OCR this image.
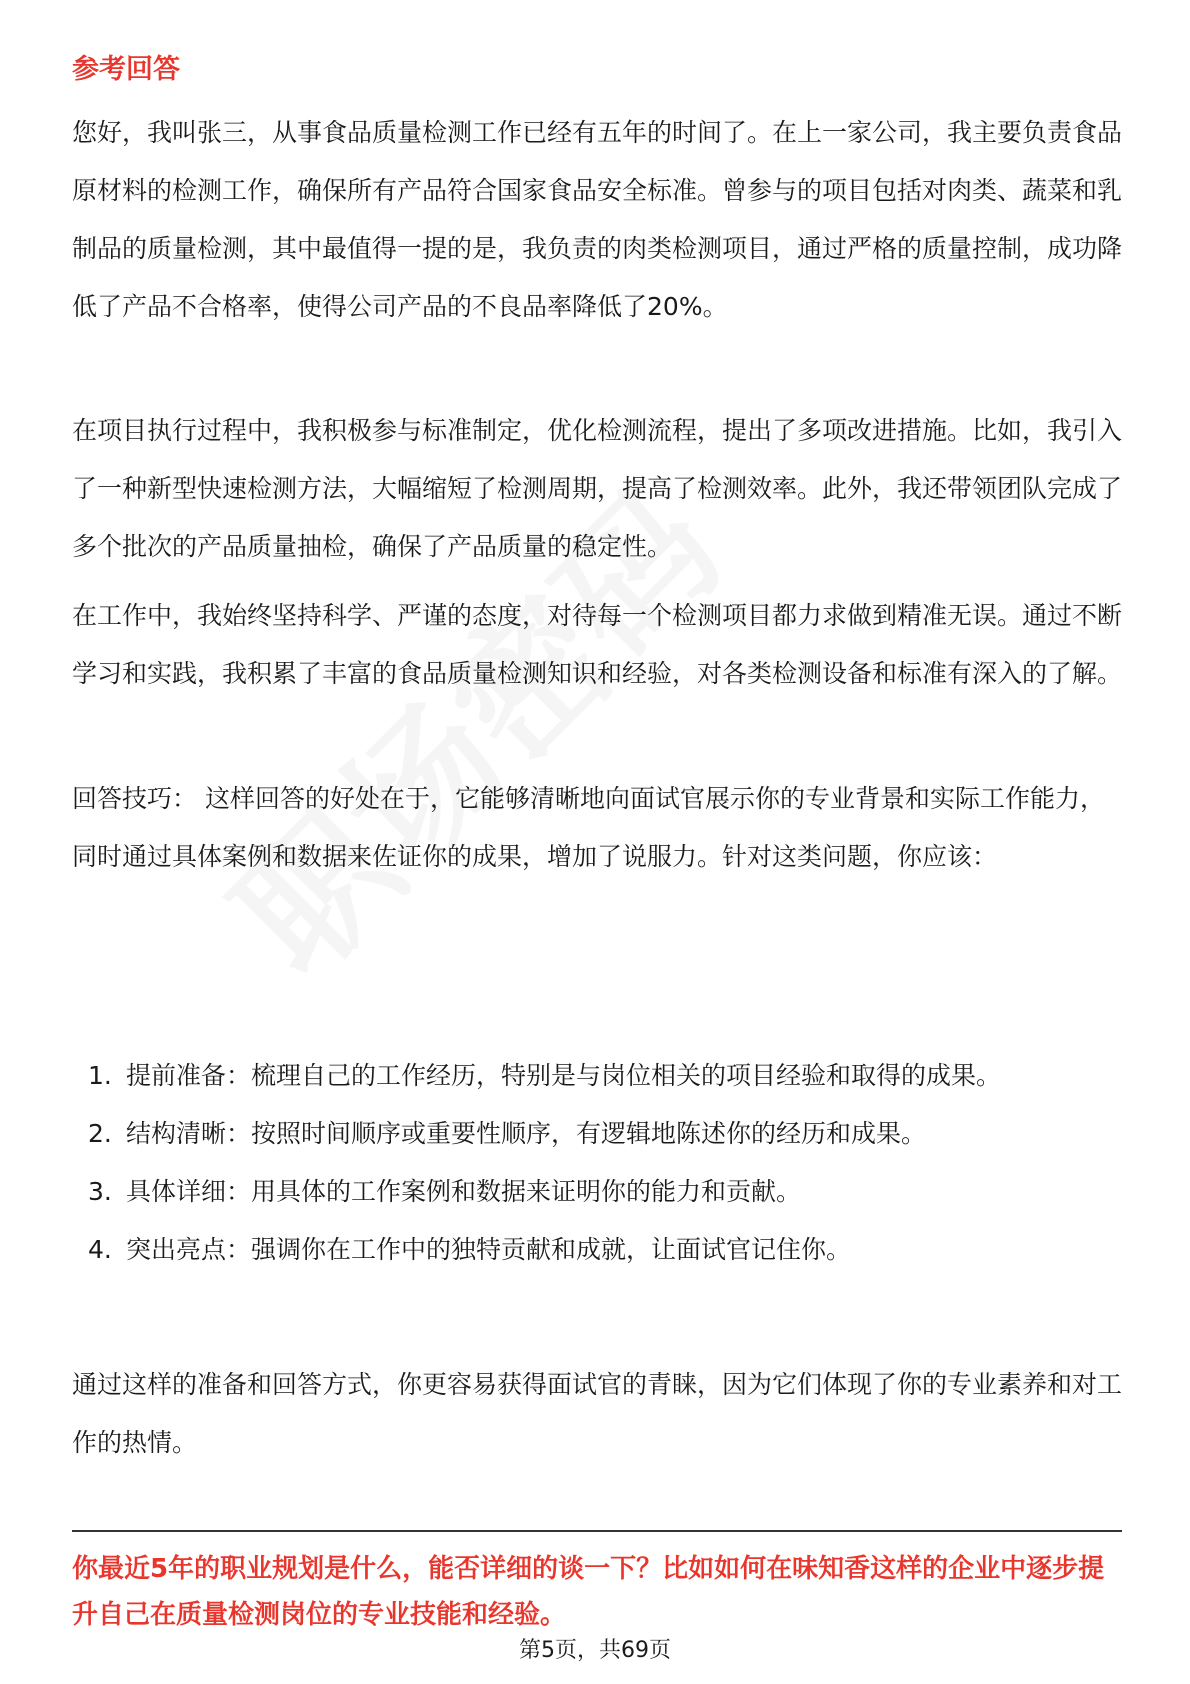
参考回答

您好，我叫张三，从事食品质量检测工作已经有五年的时间了。在上一家公司，我主要负责食品原材料的检测工作，确保所有产品符合国家食品安全标准。曾参与的项目包括对肉类、蔬菜和乳制品的质量检测，其中最值得一提的是，我负责的肉类检测项目，通过严格的质量控制，成功降低了产品不合格率，使得公司产品的不良品率降低了20%。

在项目执行过程中，我积极参与标准制定，优化检测流程，提出了多项改进措施。比如，我引入了一种新型快速检测方法，大幅缩短了检测周期，提高了检测效率。此外，我还带领团队完成了多个批次的产品质量抽检，确保了产品质量的稳定性。

在工作中，我始终坚持科学、严谨的态度，对待每一个检测项目都力求做到精准无误。通过不断学习和实践，我积累了丰富的食品质量检测知识和经验，对各类检测设备和标准有深入的了解。

回答技巧： 这样回答的好处在于，它能够清晰地向面试官展示你的专业背景和实际工作能力，同时通过具体案例和数据来佐证你的成果，增加了说服力。针对这类问题，你应该：

1. 提前准备：梳理自己的工作经历，特别是与岗位相关的项目经验和取得的成果。
2. 结构清晰：按照时间顺序或重要性顺序，有逻辑地陈述你的经历和成果。
3. 具体详细：用具体的工作案例和数据来证明你的能力和贡献。
4. 突出亮点：强调你在工作中的独特贡献和成就，让面试官记住你。

通过这样的准备和回答方式，你更容易获得面试官的青睐，因为它们体现了你的专业素养和对工作的热情。

你最近5年的职业规划是什么，能否详细的谈一下？比如如何在味知香这样的企业中逐步提升自己在质量检测岗位的专业技能和经验。
第5页，共69页
